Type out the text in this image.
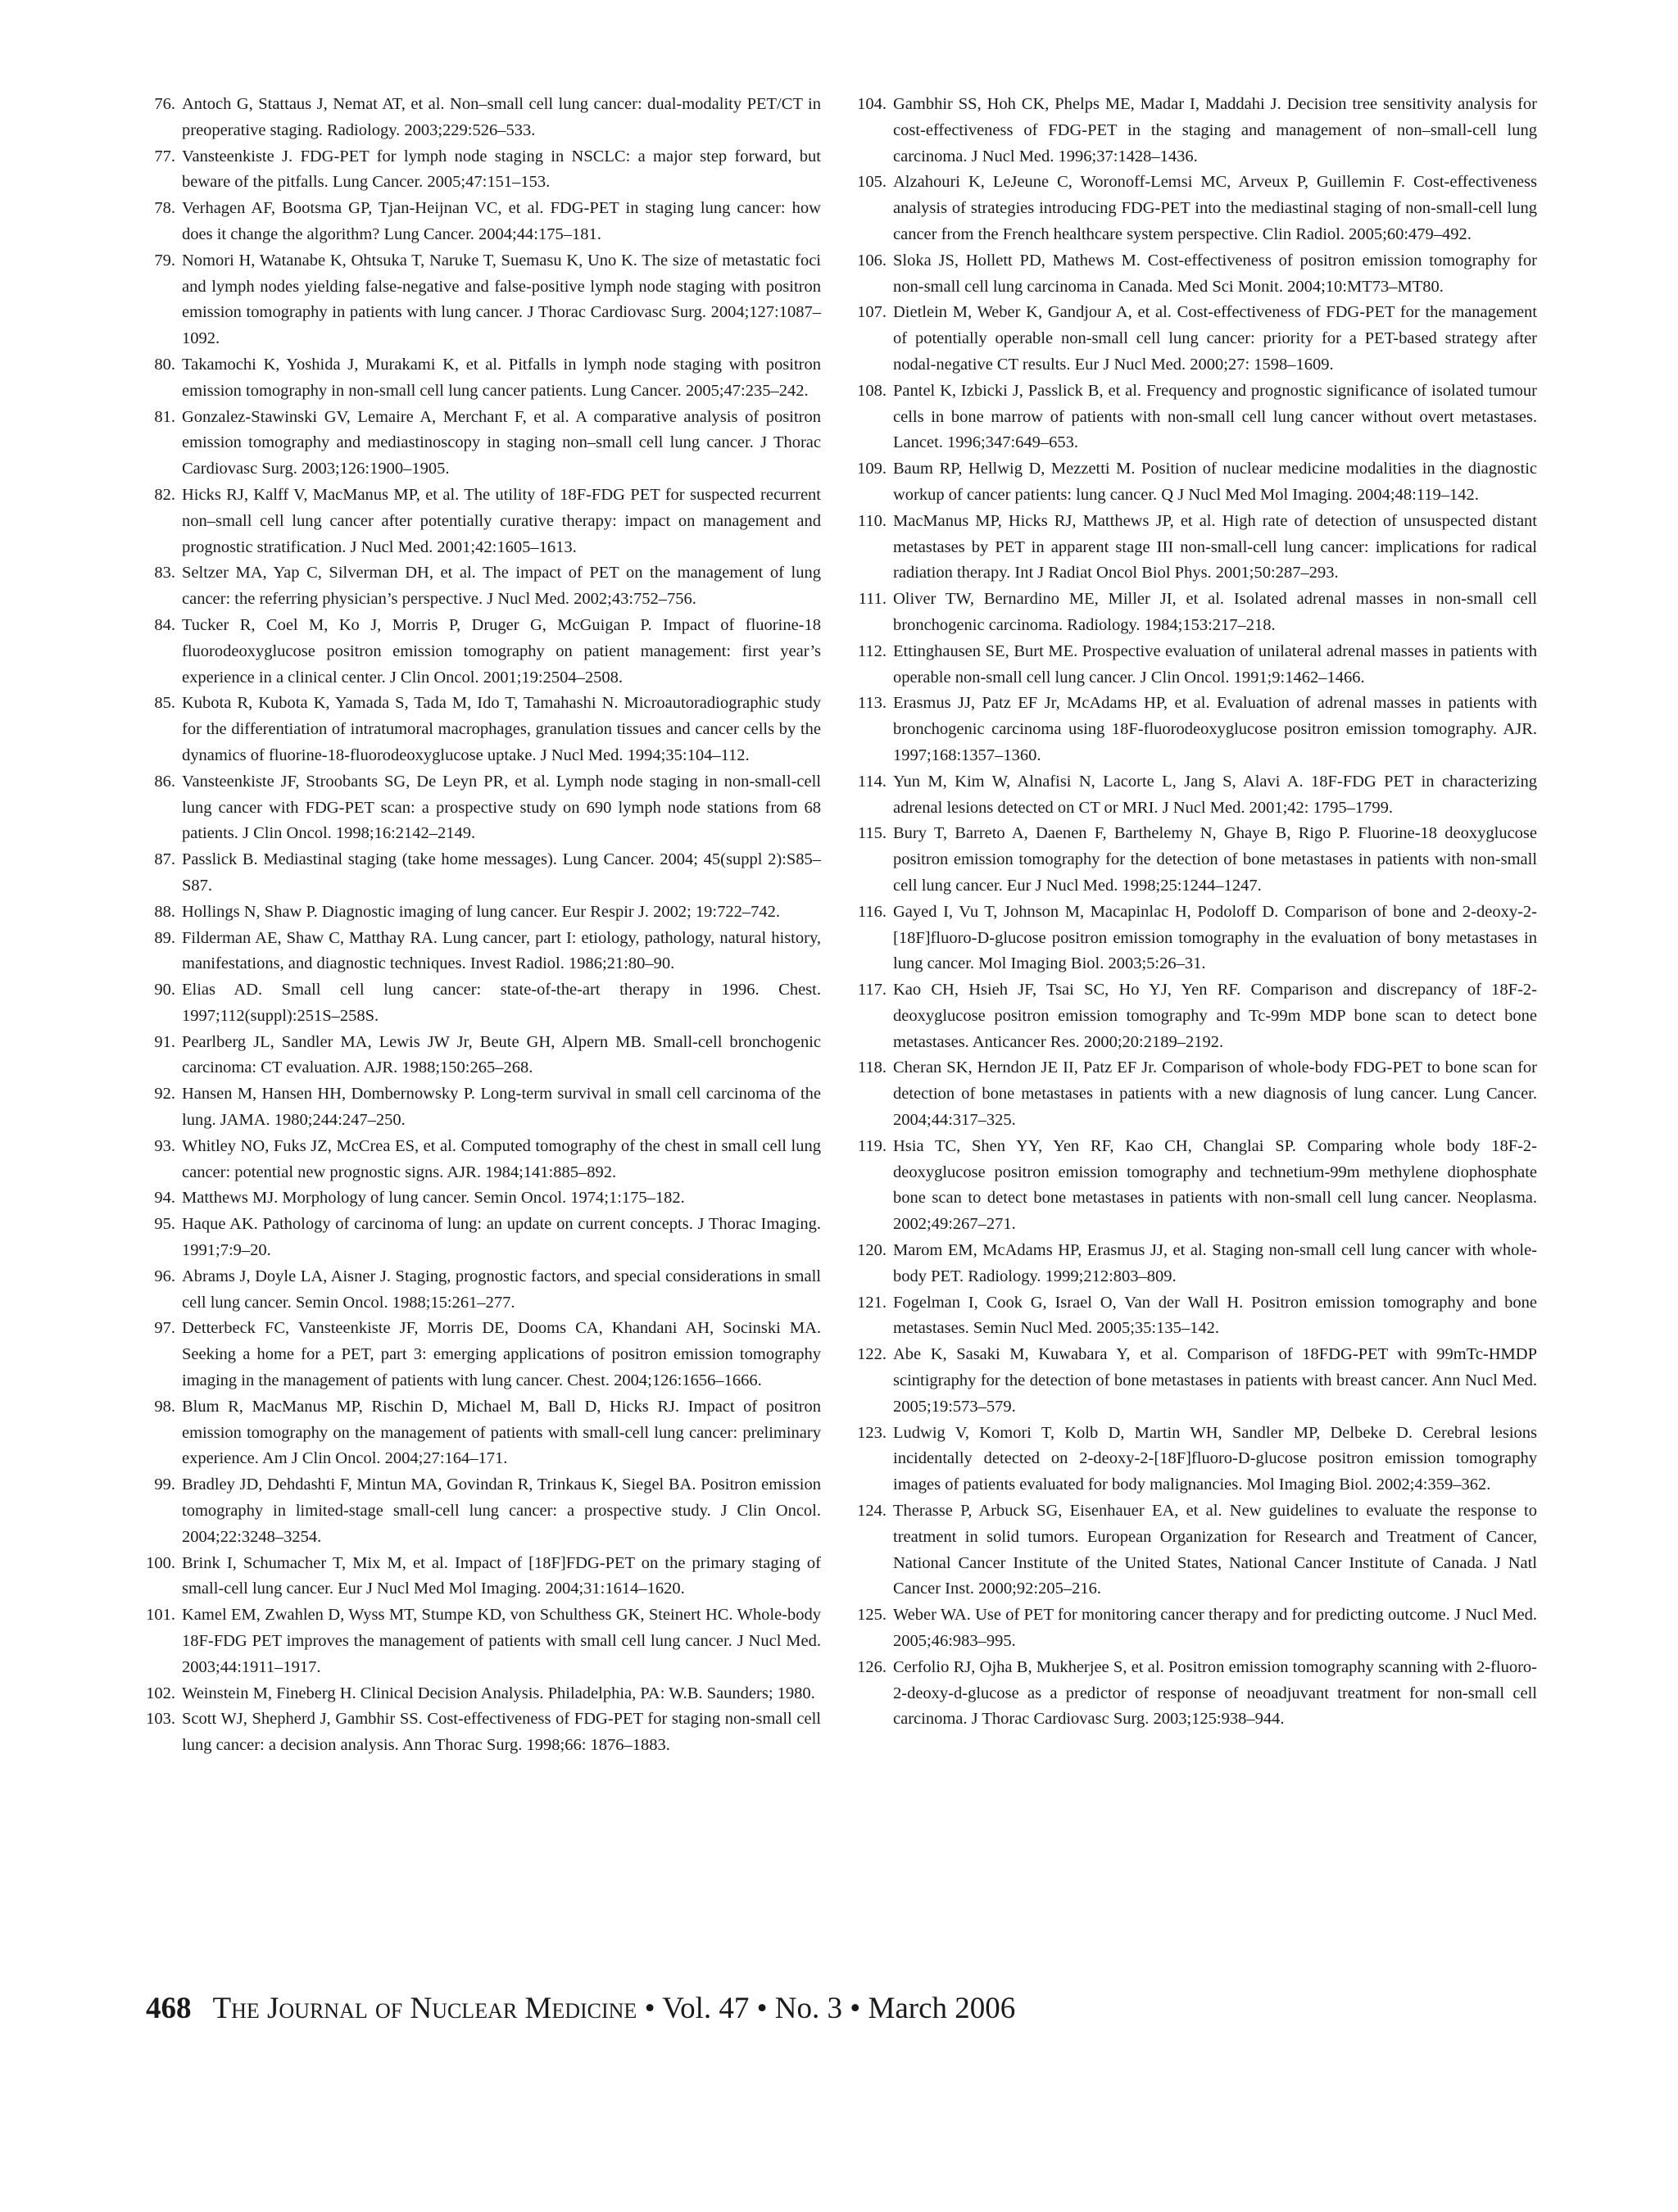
76. Antoch G, Stattaus J, Nemat AT, et al. Non–small cell lung cancer: dual-modality PET/CT in preoperative staging. Radiology. 2003;229:526–533.
77. Vansteenkiste J. FDG-PET for lymph node staging in NSCLC: a major step forward, but beware of the pitfalls. Lung Cancer. 2005;47:151–153.
78. Verhagen AF, Bootsma GP, Tjan-Heijnan VC, et al. FDG-PET in staging lung cancer: how does it change the algorithm? Lung Cancer. 2004;44:175–181.
79. Nomori H, Watanabe K, Ohtsuka T, Naruke T, Suemasu K, Uno K. The size of metastatic foci and lymph nodes yielding false-negative and false-positive lymph node staging with positron emission tomography in patients with lung cancer. J Thorac Cardiovasc Surg. 2004;127:1087–1092.
80. Takamochi K, Yoshida J, Murakami K, et al. Pitfalls in lymph node staging with positron emission tomography in non-small cell lung cancer patients. Lung Cancer. 2005;47:235–242.
81. Gonzalez-Stawinski GV, Lemaire A, Merchant F, et al. A comparative analysis of positron emission tomography and mediastinoscopy in staging non–small cell lung cancer. J Thorac Cardiovasc Surg. 2003;126:1900–1905.
82. Hicks RJ, Kalff V, MacManus MP, et al. The utility of 18F-FDG PET for suspected recurrent non–small cell lung cancer after potentially curative therapy: impact on management and prognostic stratification. J Nucl Med. 2001;42:1605–1613.
83. Seltzer MA, Yap C, Silverman DH, et al. The impact of PET on the management of lung cancer: the referring physician’s perspective. J Nucl Med. 2002;43:752–756.
84. Tucker R, Coel M, Ko J, Morris P, Druger G, McGuigan P. Impact of fluorine-18 fluorodeoxyglucose positron emission tomography on patient management: first year’s experience in a clinical center. J Clin Oncol. 2001;19:2504–2508.
85. Kubota R, Kubota K, Yamada S, Tada M, Ido T, Tamahashi N. Microautoradiographic study for the differentiation of intratumoral macrophages, granulation tissues and cancer cells by the dynamics of fluorine-18-fluorodeoxyglucose uptake. J Nucl Med. 1994;35:104–112.
86. Vansteenkiste JF, Stroobants SG, De Leyn PR, et al. Lymph node staging in non-small-cell lung cancer with FDG-PET scan: a prospective study on 690 lymph node stations from 68 patients. J Clin Oncol. 1998;16:2142–2149.
87. Passlick B. Mediastinal staging (take home messages). Lung Cancer. 2004; 45(suppl 2):S85–S87.
88. Hollings N, Shaw P. Diagnostic imaging of lung cancer. Eur Respir J. 2002; 19:722–742.
89. Filderman AE, Shaw C, Matthay RA. Lung cancer, part I: etiology, pathology, natural history, manifestations, and diagnostic techniques. Invest Radiol. 1986;21:80–90.
90. Elias AD. Small cell lung cancer: state-of-the-art therapy in 1996. Chest. 1997;112(suppl):251S–258S.
91. Pearlberg JL, Sandler MA, Lewis JW Jr, Beute GH, Alpern MB. Small-cell bronchogenic carcinoma: CT evaluation. AJR. 1988;150:265–268.
92. Hansen M, Hansen HH, Dombernowsky P. Long-term survival in small cell carcinoma of the lung. JAMA. 1980;244:247–250.
93. Whitley NO, Fuks JZ, McCrea ES, et al. Computed tomography of the chest in small cell lung cancer: potential new prognostic signs. AJR. 1984;141:885–892.
94. Matthews MJ. Morphology of lung cancer. Semin Oncol. 1974;1:175–182.
95. Haque AK. Pathology of carcinoma of lung: an update on current concepts. J Thorac Imaging. 1991;7:9–20.
96. Abrams J, Doyle LA, Aisner J. Staging, prognostic factors, and special considerations in small cell lung cancer. Semin Oncol. 1988;15:261–277.
97. Detterbeck FC, Vansteenkiste JF, Morris DE, Dooms CA, Khandani AH, Socinski MA. Seeking a home for a PET, part 3: emerging applications of positron emission tomography imaging in the management of patients with lung cancer. Chest. 2004;126:1656–1666.
98. Blum R, MacManus MP, Rischin D, Michael M, Ball D, Hicks RJ. Impact of positron emission tomography on the management of patients with small-cell lung cancer: preliminary experience. Am J Clin Oncol. 2004;27:164–171.
99. Bradley JD, Dehdashti F, Mintun MA, Govindan R, Trinkaus K, Siegel BA. Positron emission tomography in limited-stage small-cell lung cancer: a prospective study. J Clin Oncol. 2004;22:3248–3254.
100. Brink I, Schumacher T, Mix M, et al. Impact of [18F]FDG-PET on the primary staging of small-cell lung cancer. Eur J Nucl Med Mol Imaging. 2004;31:1614–1620.
101. Kamel EM, Zwahlen D, Wyss MT, Stumpe KD, von Schulthess GK, Steinert HC. Whole-body 18F-FDG PET improves the management of patients with small cell lung cancer. J Nucl Med. 2003;44:1911–1917.
102. Weinstein M, Fineberg H. Clinical Decision Analysis. Philadelphia, PA: W.B. Saunders; 1980.
103. Scott WJ, Shepherd J, Gambhir SS. Cost-effectiveness of FDG-PET for staging non-small cell lung cancer: a decision analysis. Ann Thorac Surg. 1998;66: 1876–1883.
104. Gambhir SS, Hoh CK, Phelps ME, Madar I, Maddahi J. Decision tree sensitivity analysis for cost-effectiveness of FDG-PET in the staging and management of non–small-cell lung carcinoma. J Nucl Med. 1996;37:1428–1436.
105. Alzahouri K, LeJeune C, Woronoff-Lemsi MC, Arveux P, Guillemin F. Cost-effectiveness analysis of strategies introducing FDG-PET into the mediastinal staging of non-small-cell lung cancer from the French healthcare system perspective. Clin Radiol. 2005;60:479–492.
106. Sloka JS, Hollett PD, Mathews M. Cost-effectiveness of positron emission tomography for non-small cell lung carcinoma in Canada. Med Sci Monit. 2004;10:MT73–MT80.
107. Dietlein M, Weber K, Gandjour A, et al. Cost-effectiveness of FDG-PET for the management of potentially operable non-small cell lung cancer: priority for a PET-based strategy after nodal-negative CT results. Eur J Nucl Med. 2000;27: 1598–1609.
108. Pantel K, Izbicki J, Passlick B, et al. Frequency and prognostic significance of isolated tumour cells in bone marrow of patients with non-small cell lung cancer without overt metastases. Lancet. 1996;347:649–653.
109. Baum RP, Hellwig D, Mezzetti M. Position of nuclear medicine modalities in the diagnostic workup of cancer patients: lung cancer. Q J Nucl Med Mol Imaging. 2004;48:119–142.
110. MacManus MP, Hicks RJ, Matthews JP, et al. High rate of detection of unsuspected distant metastases by PET in apparent stage III non-small-cell lung cancer: implications for radical radiation therapy. Int J Radiat Oncol Biol Phys. 2001;50:287–293.
111. Oliver TW, Bernardino ME, Miller JI, et al. Isolated adrenal masses in non-small cell bronchogenic carcinoma. Radiology. 1984;153:217–218.
112. Ettinghausen SE, Burt ME. Prospective evaluation of unilateral adrenal masses in patients with operable non-small cell lung cancer. J Clin Oncol. 1991;9:1462–1466.
113. Erasmus JJ, Patz EF Jr, McAdams HP, et al. Evaluation of adrenal masses in patients with bronchogenic carcinoma using 18F-fluorodeoxyglucose positron emission tomography. AJR. 1997;168:1357–1360.
114. Yun M, Kim W, Alnafisi N, Lacorte L, Jang S, Alavi A. 18F-FDG PET in characterizing adrenal lesions detected on CT or MRI. J Nucl Med. 2001;42: 1795–1799.
115. Bury T, Barreto A, Daenen F, Barthelemy N, Ghaye B, Rigo P. Fluorine-18 deoxyglucose positron emission tomography for the detection of bone metastases in patients with non-small cell lung cancer. Eur J Nucl Med. 1998;25:1244–1247.
116. Gayed I, Vu T, Johnson M, Macapinlac H, Podoloff D. Comparison of bone and 2-deoxy-2-[18F]fluoro-D-glucose positron emission tomography in the evaluation of bony metastases in lung cancer. Mol Imaging Biol. 2003;5:26–31.
117. Kao CH, Hsieh JF, Tsai SC, Ho YJ, Yen RF. Comparison and discrepancy of 18F-2-deoxyglucose positron emission tomography and Tc-99m MDP bone scan to detect bone metastases. Anticancer Res. 2000;20:2189–2192.
118. Cheran SK, Herndon JE II, Patz EF Jr. Comparison of whole-body FDG-PET to bone scan for detection of bone metastases in patients with a new diagnosis of lung cancer. Lung Cancer. 2004;44:317–325.
119. Hsia TC, Shen YY, Yen RF, Kao CH, Changlai SP. Comparing whole body 18F-2-deoxyglucose positron emission tomography and technetium-99m methylene diophosphate bone scan to detect bone metastases in patients with non-small cell lung cancer. Neoplasma. 2002;49:267–271.
120. Marom EM, McAdams HP, Erasmus JJ, et al. Staging non-small cell lung cancer with whole-body PET. Radiology. 1999;212:803–809.
121. Fogelman I, Cook G, Israel O, Van der Wall H. Positron emission tomography and bone metastases. Semin Nucl Med. 2005;35:135–142.
122. Abe K, Sasaki M, Kuwabara Y, et al. Comparison of 18FDG-PET with 99mTc-HMDP scintigraphy for the detection of bone metastases in patients with breast cancer. Ann Nucl Med. 2005;19:573–579.
123. Ludwig V, Komori T, Kolb D, Martin WH, Sandler MP, Delbeke D. Cerebral lesions incidentally detected on 2-deoxy-2-[18F]fluoro-D-glucose positron emission tomography images of patients evaluated for body malignancies. Mol Imaging Biol. 2002;4:359–362.
124. Therasse P, Arbuck SG, Eisenhauer EA, et al. New guidelines to evaluate the response to treatment in solid tumors. European Organization for Research and Treatment of Cancer, National Cancer Institute of the United States, National Cancer Institute of Canada. J Natl Cancer Inst. 2000;92:205–216.
125. Weber WA. Use of PET for monitoring cancer therapy and for predicting outcome. J Nucl Med. 2005;46:983–995.
126. Cerfolio RJ, Ojha B, Mukherjee S, et al. Positron emission tomography scanning with 2-fluoro-2-deoxy-d-glucose as a predictor of response of neoadjuvant treatment for non-small cell carcinoma. J Thorac Cardiovasc Surg. 2003;125:938–944.
468 The Journal of Nuclear Medicine • Vol. 47 • No. 3 • March 2006
